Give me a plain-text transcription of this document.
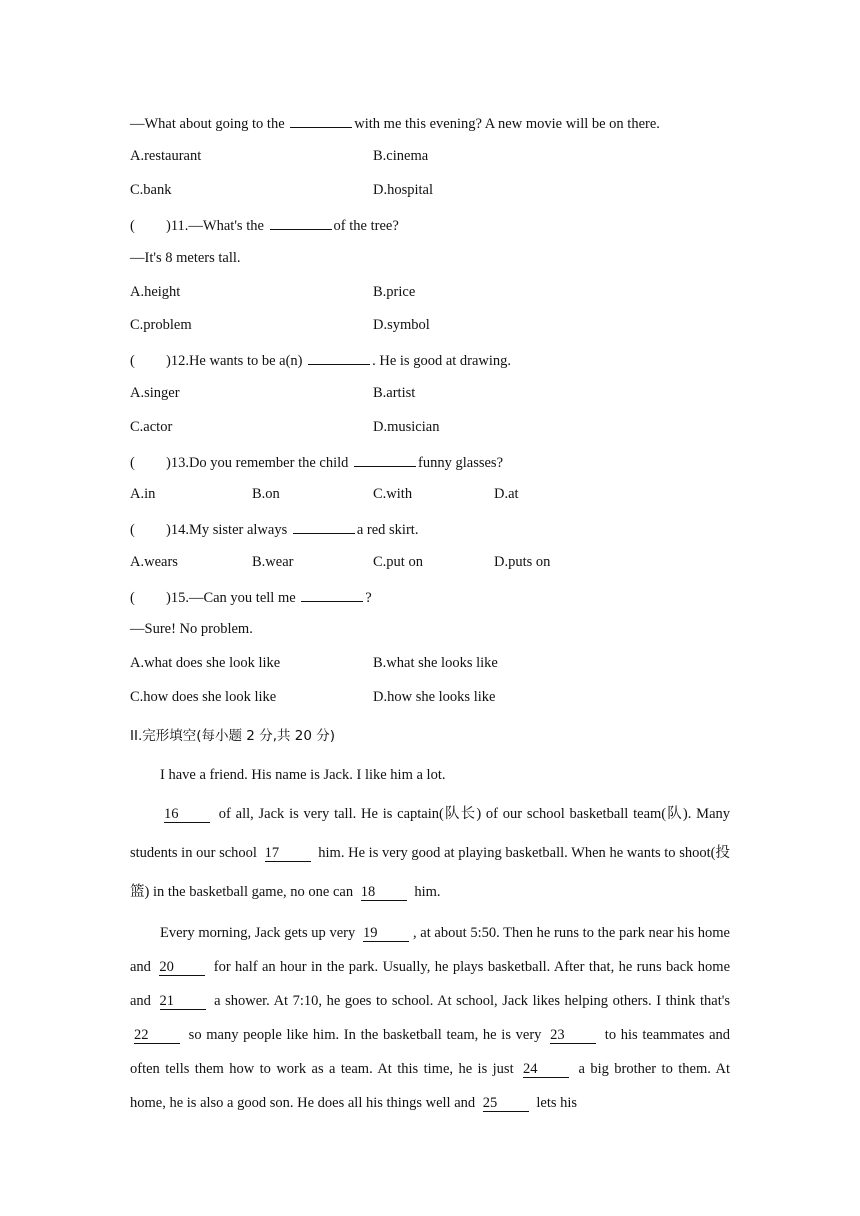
—What about going to the	with me this evening? A new movie will be on there.
A.restaurant	B.cinema
C.bank	D.hospital
( )11.—What's the	of the tree?
—It's 8 meters tall.
A.height	B.price
C.problem	D.symbol
( )12.He wants to be a(n)	. He is good at drawing.
A.singer	B.artist
C.actor	D.musician
( )13.Do you remember the child	funny glasses?
A.in	B.on	C.with	D.at
( )14.My sister always	a red skirt.
A.wears	B.wear	C.put on	D.puts on
( )15.—Can you tell me	?
—Sure! No problem.
A.what does she look like	B.what she looks like
C.how does she look like	D.how she looks like
II.完形填空(每小题 2 分,共 20 分)
I have a friend. His name is Jack. I like him a lot.
16 of all, Jack is very tall. He is captain(队长) of our school basketball team(队). Many students in our school 17 him. He is very good at playing basketball. When he wants to shoot(投篮) in the basketball game, no one can 18 him.
Every morning, Jack gets up very 19 , at about 5:50. Then he runs to the park near his home and 20 for half an hour in the park. Usually, he plays basketball. After that, he runs back home and 21 a shower. At 7:10, he goes to school. At school, Jack likes helping others. I think that's 22 so many people like him. In the basketball team, he is very 23 to his teammates and often tells them how to work as a team. At this time, he is just 24 a big brother to them. At home, he is also a good son. He does all his things well and 25 lets his
